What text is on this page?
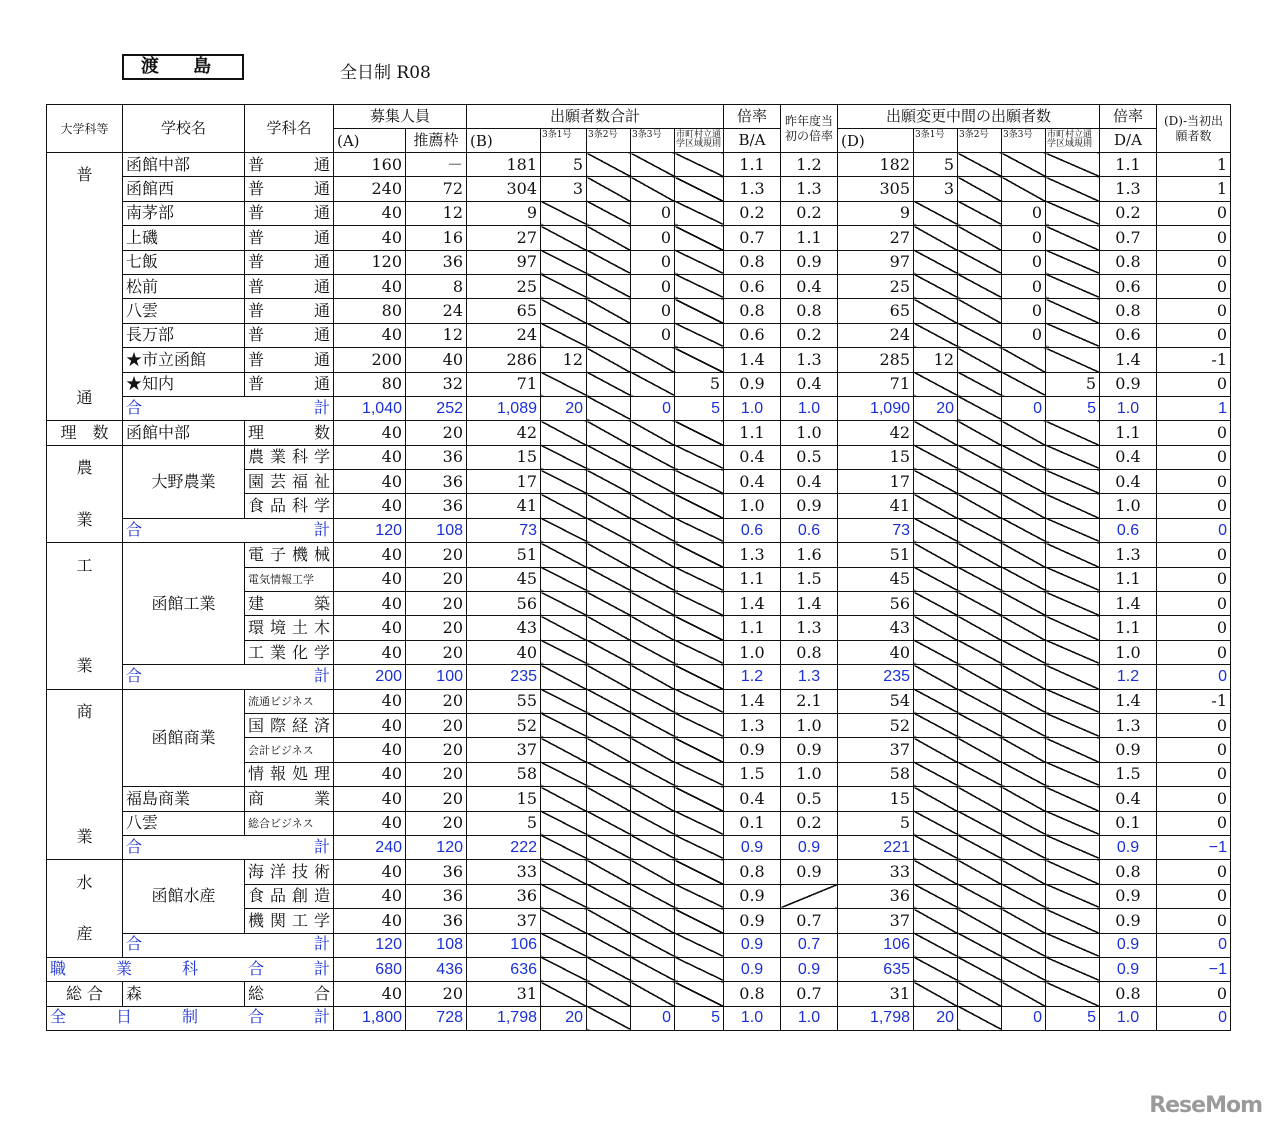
渡 島	全日制 R08
大学科等	学校名	学科名	募集人員		出願者数合計					倍率	昨年度当初の倍率	出願変更中間の出願者数					倍率	(D)-当初出願者数
			(A)	推薦枠	(B)	3条1号	3条2号	3条3号	市町村立通学区域規則			(D)	3条1号	3条2号	3条3号	市町村立通学区域規則		
										B/A							D/A	

普
通	函館中部	普　　通	160	－	181	5				1.1	1.2	182	5				1.1	1
	函館西	普　　通	240	72	304	3				1.3	1.3	305	3				1.3	1
	南茅部	普　　通	40	12	9			0		0.2	0.2	9			0		0.2	0
	上磯	普　　通	40	16	27			0		0.7	1.1	27			0		0.7	0
	七飯	普　　通	120	36	97			0		0.8	0.9	97			0		0.8	0
	松前	普　　通	40	8	25			0		0.6	0.4	25			0		0.6	0
	八雲	普　　通	80	24	65			0		0.8	0.8	65			0		0.8	0
	長万部	普　　通	40	12	24			0		0.6	0.2	24			0		0.6	0
	★市立函館	普　　通	200	40	286	12				1.4	1.3	285	12				1.4	-1
	★知内	普　　通	80	32	71				5	0.9	0.4	71				5	0.9	0

	合 計		1,040	252	1,089	20		0	5	1.0	1.0	1,090	20		0	5	1.0	1
理　数	函館中部	理　　数	40	20	42					1.1	1.0	42					1.1	0

農
業	大野農業	農業科学	40	36	15					0.4	0.5	15					0.4	0
		園芸福祉	40	36	17					0.4	0.4	17					0.4	0
		食品科学	40	36	41					1.0	0.9	41					1.0	0

	合 計		120	108	73					0.6	0.6	73					0.6	0

工
業	函館工業	電子機械	40	20	51					1.3	1.6	51					1.3	0
		電気情報工学	40	20	45					1.1	1.5	45					1.1	0
		建　　築	40	20	56					1.4	1.4	56					1.4	0
		環境土木	40	20	43					1.1	1.3	43					1.1	0
		工業化学	40	20	40					1.0	0.8	40					1.0	0

	合 計		200	100	235					1.2	1.3	235					1.2	0

商
業	函館商業	流通ビジネス	40	20	55					1.4	2.1	54					1.4	-1
		国際経済	40	20	52					1.3	1.0	52					1.3	0
		会計ビジネス	40	20	37					0.9	0.9	37					0.9	0
		情報処理	40	20	58					1.5	1.0	58					1.5	0
	福島商業	商　　業	40	20	15					0.4	0.5	15					0.4	0
	八雲	総合ビジネス	40	20	5					0.1	0.2	5					0.1	0

	合 計		240	120	222					0.9	0.9	221					0.9	−1

水
産	函館水産	海洋技術	40	36	33					0.8	0.9	33					0.8	0
		食品創造	40	36	36					0.9		36					0.9	0
		機関工学	40	36	37					0.9	0.7	37					0.9	0

	合 計		120	108	106					0.9	0.7	106					0.9	0

職 業 科 合 計			680	436	636					0.9	0.9	635					0.9	−1
総 合	森	総　　合	40	20	31					0.8	0.7	31					0.8	0

全 日 制 合 計			1,800	728	1,798	20		0	5	1.0	1.0	1,798	20		0	5	1.0	0
ReseMom
